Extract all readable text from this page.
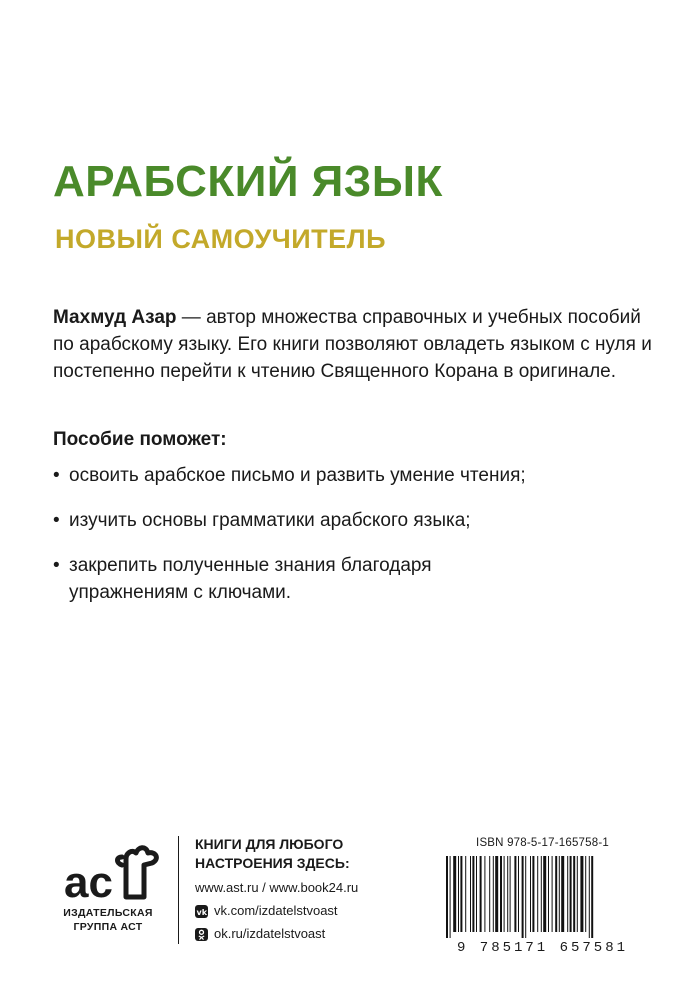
АРАБСКИЙ ЯЗЫК
НОВЫЙ САМОУЧИТЕЛЬ
Махмуд Азар — автор множества справочных и учебных пособий по арабскому языку. Его книги позволяют овладеть языком с нуля и постепенно перейти к чтению Священного Корана в оригинале.
Пособие поможет:
• освоить арабское письмо и развить умение чтения;
• изучить основы грамматики арабского языка;
• закрепить полученные знания благодаря упражнениям с ключами.
ас
ИЗДАТЕЛЬСКАЯ
ГРУППА АСТ
КНИГИ ДЛЯ ЛЮБОГО
НАСТРОЕНИЯ ЗДЕСЬ:
www.ast.ru / www.book24.ru
vk vk.com/izdatelstvoast
ok.ru/izdatelstvoast
ISBN 978-5-17-165758-1
9 785171 657581
